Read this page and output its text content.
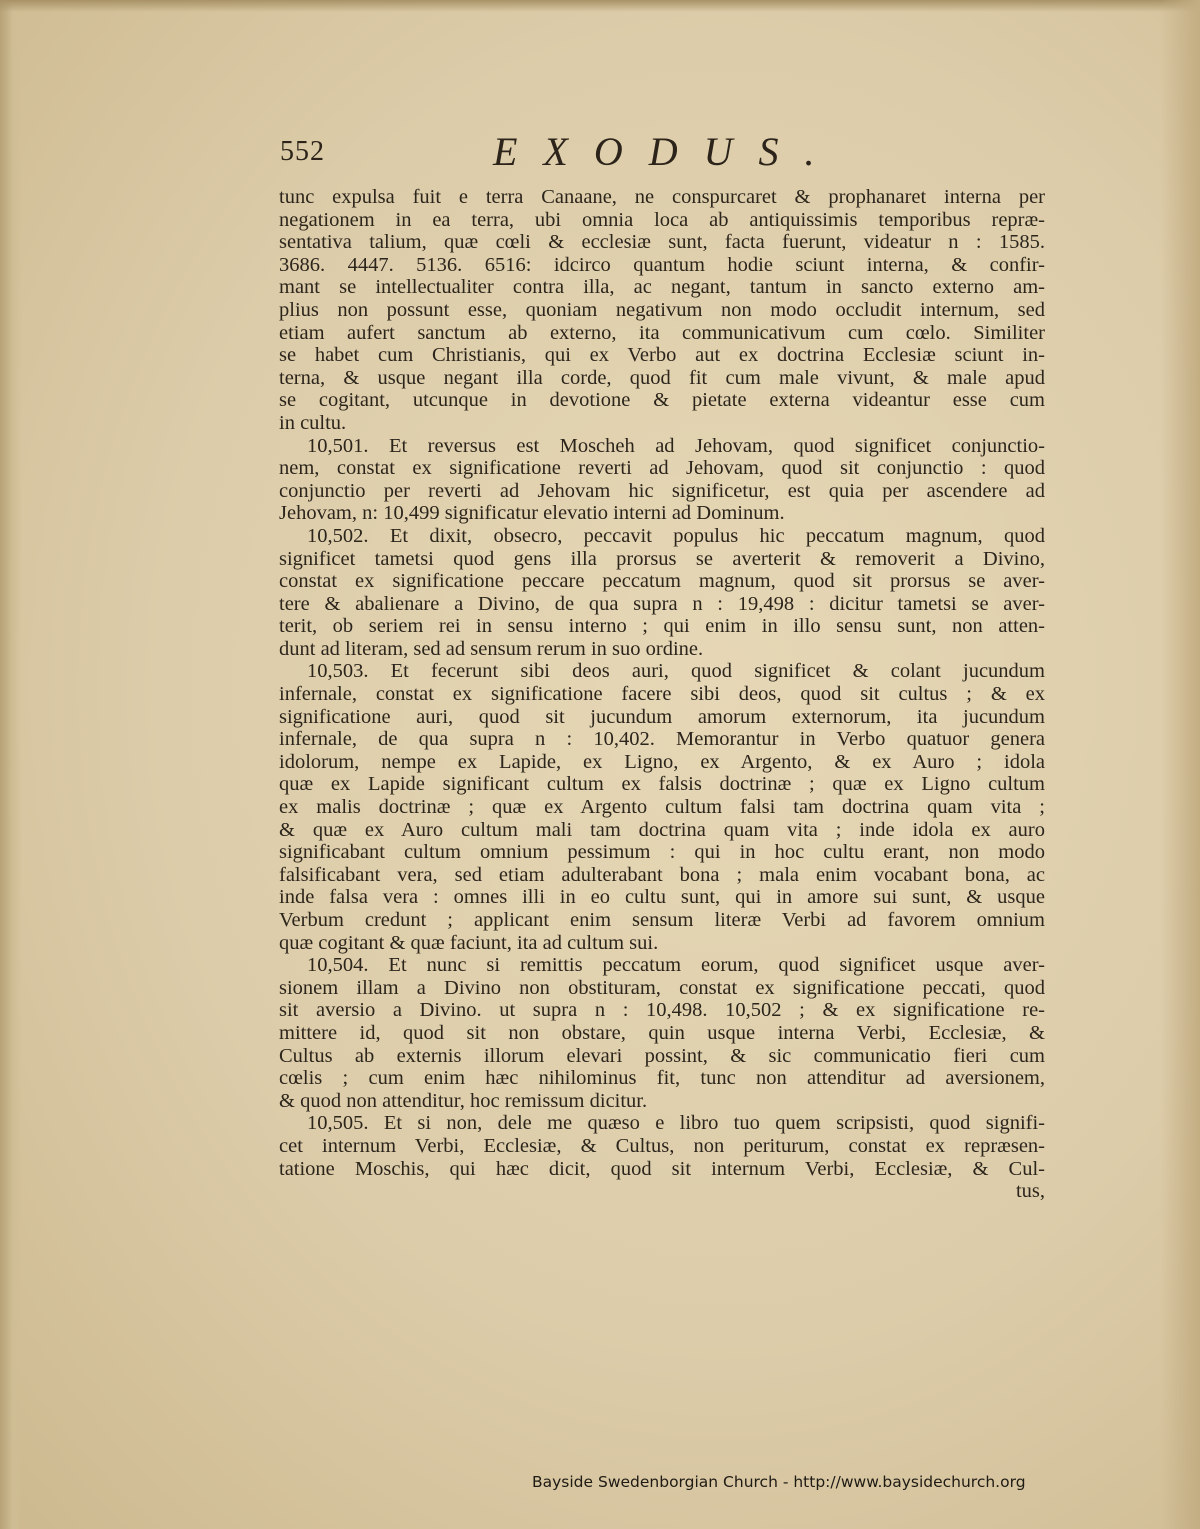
552	EXODUS.
tunc expulsa fuit e terra Canaane, ne conspurcaret & prophanaret interna per
negationem in ea terra, ubi omnia loca ab antiquissimis temporibus repræ-
sentativa talium, quæ cœli & ecclesiæ sunt, facta fuerunt, videatur n : 1585.
3686. 4447. 5136. 6516: idcirco quantum hodie sciunt interna, & confir-
mant se intellectualiter contra illa, ac negant, tantum in sancto externo am-
plius non possunt esse, quoniam negativum non modo occludit internum, sed
etiam aufert sanctum ab externo, ita communicativum cum cœlo. Similiter
se habet cum Christianis, qui ex Verbo aut ex doctrina Ecclesiæ sciunt in-
terna, & usque negant illa corde, quod fit cum male vivunt, & male apud
se cogitant, utcunque in devotione & pietate externa videantur esse cum
in cultu.
10,501. Et reversus est Moscheh ad Jehovam, quod significet conjunctio-
nem, constat ex significatione reverti ad Jehovam, quod sit conjunctio : quod
conjunctio per reverti ad Jehovam hic significetur, est quia per ascendere ad
Jehovam, n: 10,499 significatur elevatio interni ad Dominum.
10,502. Et dixit, obsecro, peccavit populus hic peccatum magnum, quod
significet tametsi quod gens illa prorsus se averterit & removerit a Divino,
constat ex significatione peccare peccatum magnum, quod sit prorsus se aver-
tere & abalienare a Divino, de qua supra n : 19,498 : dicitur tametsi se aver-
terit, ob seriem rei in sensu interno ; qui enim in illo sensu sunt, non atten-
dunt ad literam, sed ad sensum rerum in suo ordine.
10,503. Et fecerunt sibi deos auri, quod significet & colant jucundum
infernale, constat ex significatione facere sibi deos, quod sit cultus ; & ex
significatione auri, quod sit jucundum amorum externorum, ita jucundum
infernale, de qua supra n : 10,402. Memorantur in Verbo quatuor genera
idolorum, nempe ex Lapide, ex Ligno, ex Argento, & ex Auro ; idola
quæ ex Lapide significant cultum ex falsis doctrinæ ; quæ ex Ligno cultum
ex malis doctrinæ ; quæ ex Argento cultum falsi tam doctrina quam vita ;
& quæ ex Auro cultum mali tam doctrina quam vita ; inde idola ex auro
significabant cultum omnium pessimum : qui in hoc cultu erant, non modo
falsificabant vera, sed etiam adulterabant bona ; mala enim vocabant bona, ac
inde falsa vera : omnes illi in eo cultu sunt, qui in amore sui sunt, & usque
Verbum credunt ; applicant enim sensum literæ Verbi ad favorem omnium
quæ cogitant & quæ faciunt, ita ad cultum sui.
10,504. Et nunc si remittis peccatum eorum, quod significet usque aver-
sionem illam a Divino non obstituram, constat ex significatione peccati, quod
sit aversio a Divino. ut supra n : 10,498. 10,502 ; & ex significatione re-
mittere id, quod sit non obstare, quin usque interna Verbi, Ecclesiæ, &
Cultus ab externis illorum elevari possint, & sic communicatio fieri cum
cœlis ; cum enim hæc nihilominus fit, tunc non attenditur ad aversionem,
& quod non attenditur, hoc remissum dicitur.
10,505. Et si non, dele me quæso e libro tuo quem scripsisti, quod signifi-
cet internum Verbi, Ecclesiæ, & Cultus, non periturum, constat ex repræsen-
tatione Moschis, qui hæc dicit, quod sit internum Verbi, Ecclesiæ, & Cul-
tus,
Bayside Swedenborgian Church - http://www.baysidechurch.org
